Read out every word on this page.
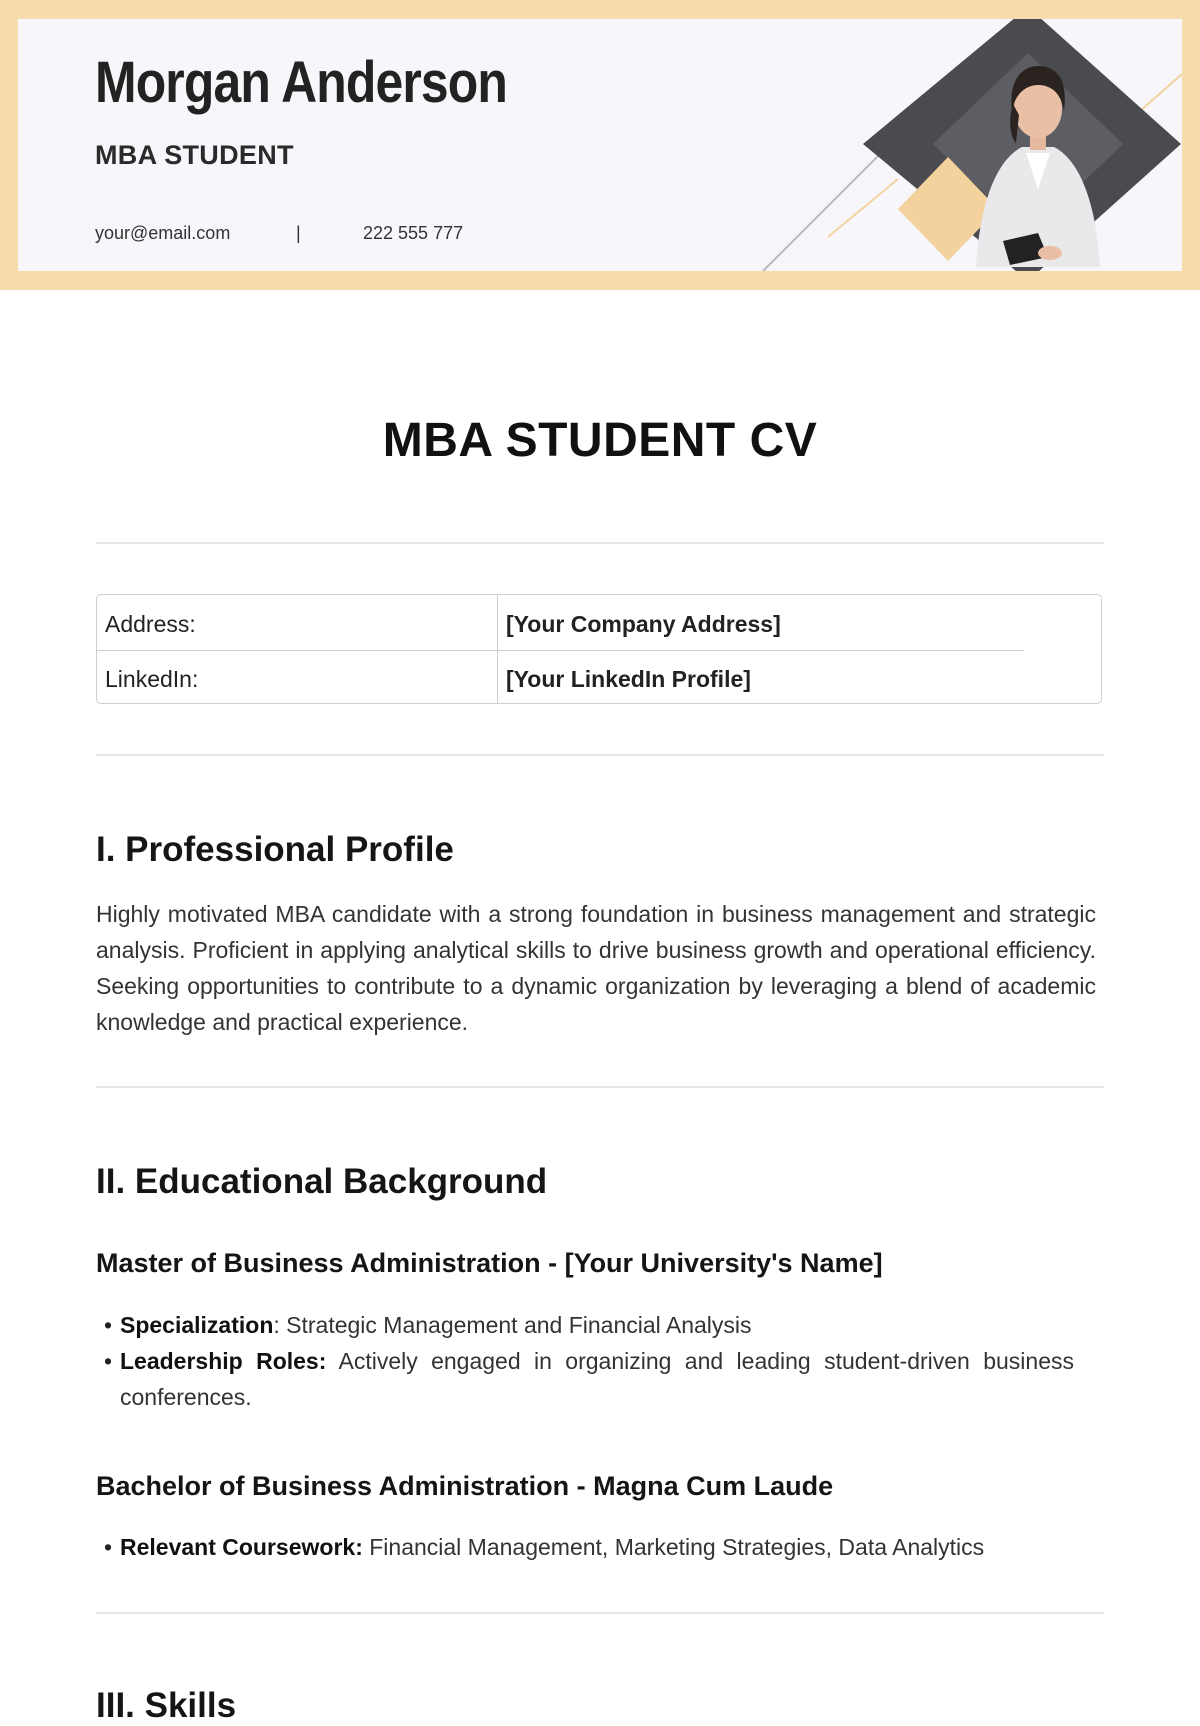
Morgan Anderson
MBA STUDENT
your@email.com	|	222 555 777
MBA STUDENT CV
Address:	[Your Company Address]
LinkedIn:	[Your LinkedIn Profile]
I. Professional Profile

Highly motivated MBA candidate with a strong foundation in business management and strategic analysis. Proficient in applying analytical skills to drive business growth and operational efficiency. Seeking opportunities to contribute to a dynamic organization by leveraging a blend of academic knowledge and practical experience.

II. Educational Background
Master of Business Administration - [Your University's Name]
• Specialization: Strategic Management and Financial Analysis
• Leadership Roles: Actively engaged in organizing and leading student-driven business conferences.
Bachelor of Business Administration - Magna Cum Laude
• Relevant Coursework: Financial Management, Marketing Strategies, Data Analytics
III. Skills
